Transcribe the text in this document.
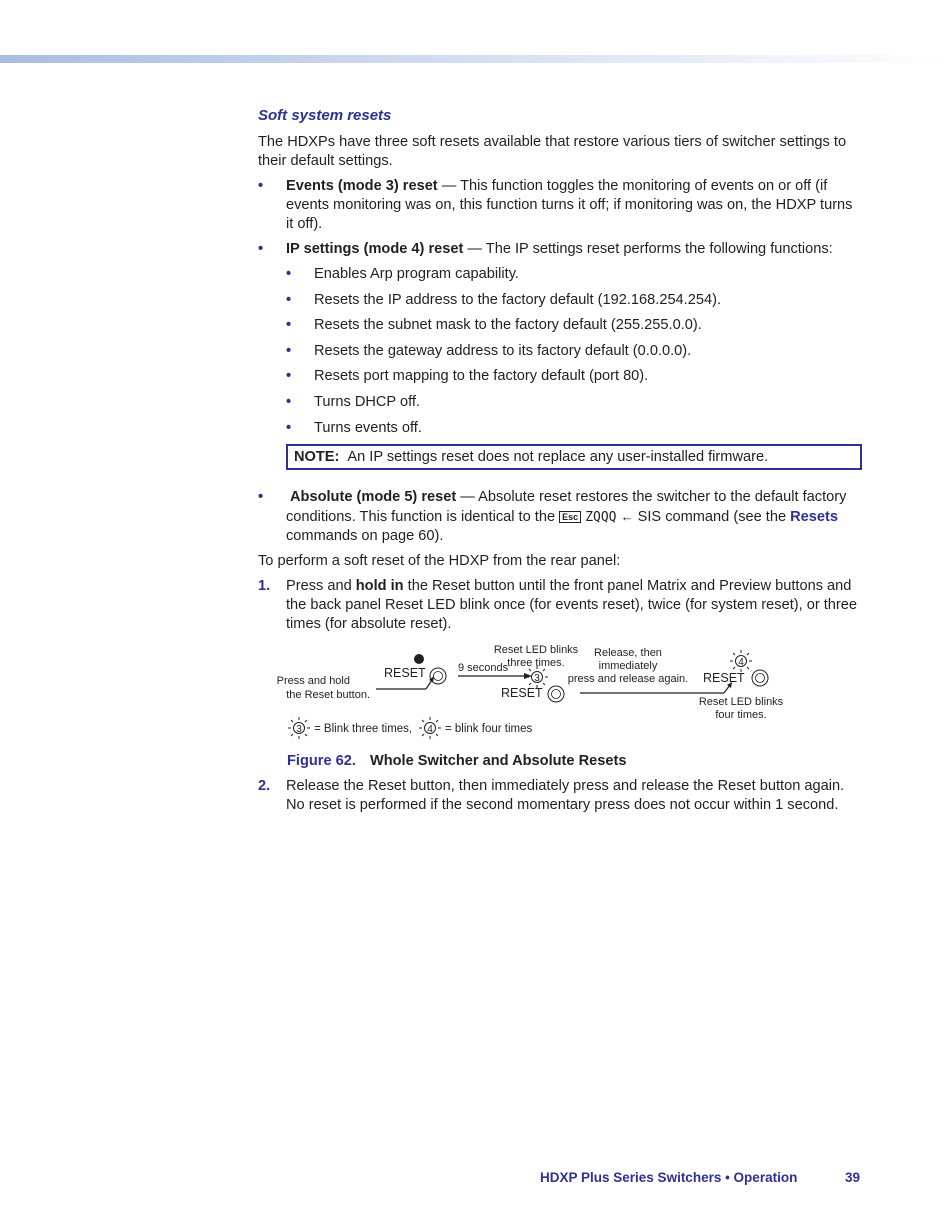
Soft system resets

The HDXPs have three soft resets available that restore various tiers of switcher settings to their default settings.

• Events (mode 3) reset — This function toggles the monitoring of events on or off (if events monitoring was on, this function turns it off; if monitoring was on, the HDXP turns it off).
• IP settings (mode 4) reset — The IP settings reset performs the following functions:
• Enables Arp program capability.
• Resets the IP address to the factory default (192.168.254.254).
• Resets the subnet mask to the factory default (255.255.0.0).
• Resets the gateway address to its factory default (0.0.0.0).
• Resets port mapping to the factory default (port 80).
• Turns DHCP off.
• Turns events off.
NOTE: An IP settings reset does not replace any user-installed firmware.
• Absolute (mode 5) reset — Absolute reset restores the switcher to the default factory conditions. This function is identical to the Esc ZQQQ ← SIS command (see the Resets commands on page 60).

To perform a soft reset of the HDXP from the rear panel:

1. Press and hold in the Reset button until the front panel Matrix and Preview buttons and the back panel Reset LED blink once (for events reset), twice (for system reset), or three times (for absolute reset).
Press and hold
the Reset button.
RESET	9 seconds
Reset LED blinks
three times.
3
RESET
Release, then
immediately
press and release again.
4
RESET
Reset LED blinks
four times.
3 = Blink three times, 4 = blink four times
Figure 62. Whole Switcher and Absolute Resets
2. Release the Reset button, then immediately press and release the Reset button again. No reset is performed if the second momentary press does not occur within 1 second.
HDXP Plus Series Switchers • Operation	39
